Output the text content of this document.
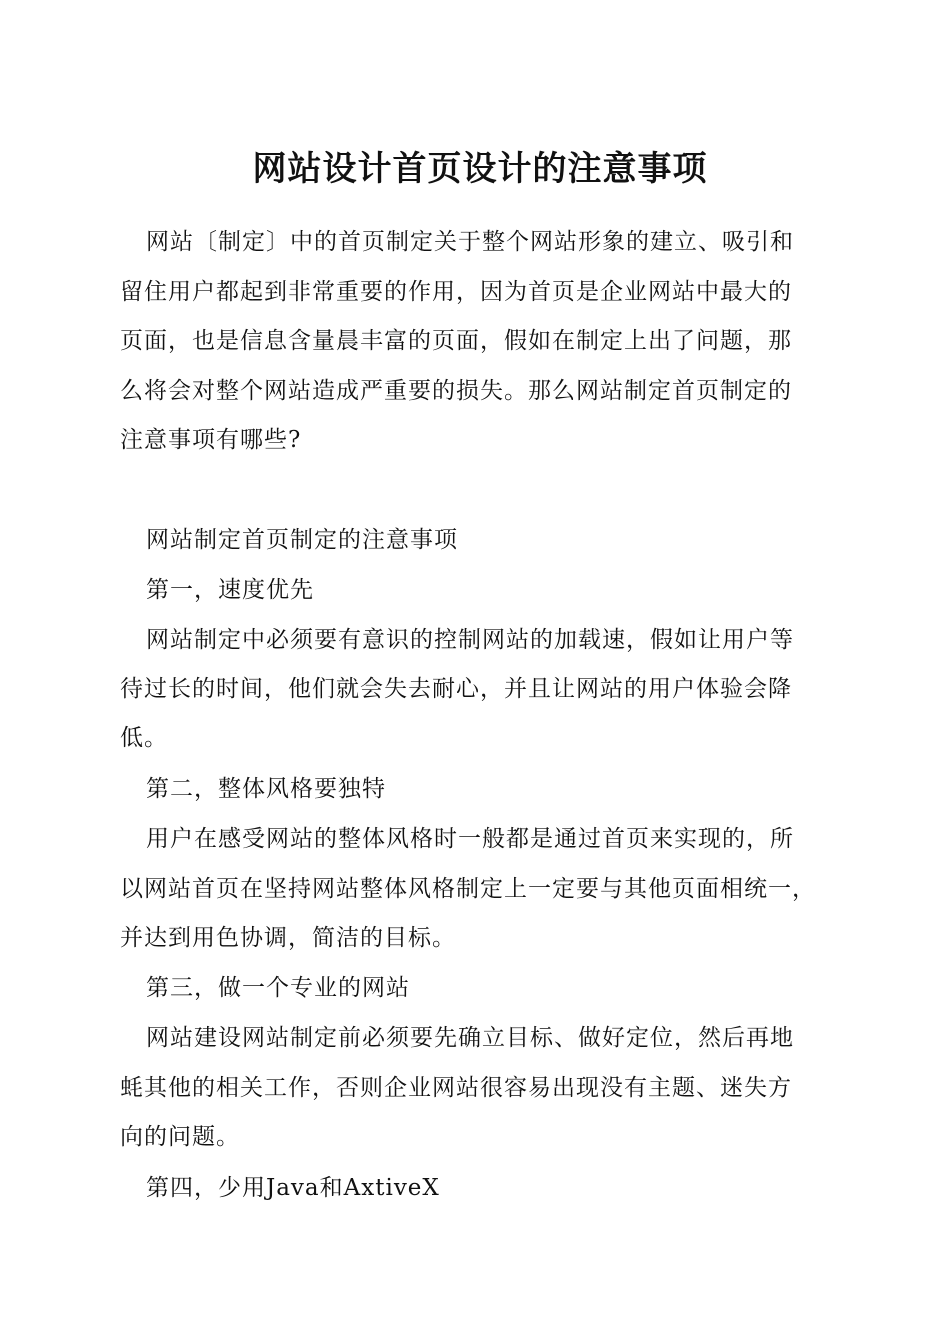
网站设计首页设计的注意事项
网站〔制定〕中的首页制定关于整个网站形象的建立、吸引和
留住用户都起到非常重要的作用，因为首页是企业网站中最大的
页面，也是信息含量晨丰富的页面，假如在制定上出了问题，那
么将会对整个网站造成严重要的损失。那么网站制定首页制定的
注意事项有哪些?
网站制定首页制定的注意事项
第一，速度优先
网站制定中必须要有意识的控制网站的加载速，假如让用户等
待过长的时间，他们就会失去耐心，并且让网站的用户体验会降
低。
第二，整体风格要独特
用户在感受网站的整体风格时一般都是通过首页来实现的，所
以网站首页在坚持网站整体风格制定上一定要与其他页面相统一，
并达到用色协调，简洁的目标。
第三，做一个专业的网站
网站建设网站制定前必须要先确立目标、做好定位，然后再地
蚝其他的相关工作，否则企业网站很容易出现没有主题、迷失方
向的问题。
第四，少用Java和AxtiveX
